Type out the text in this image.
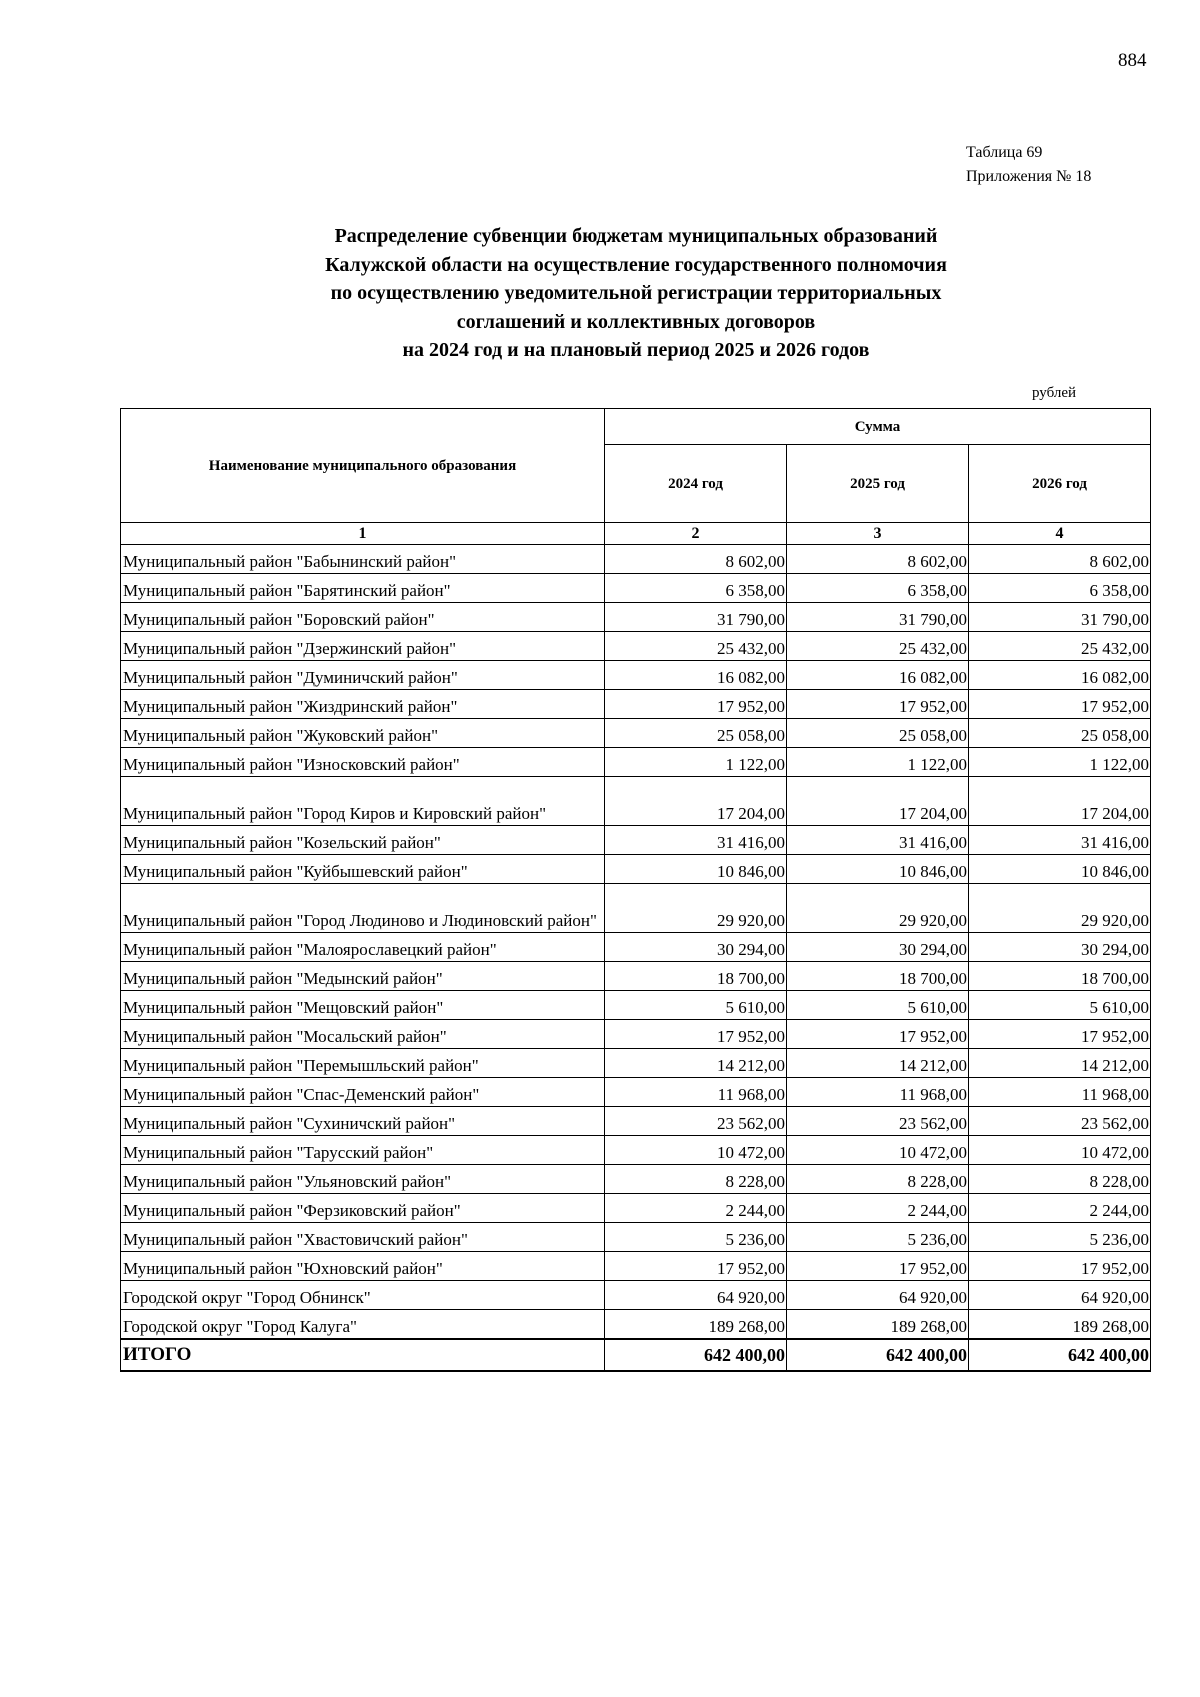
884
Таблица 69
Приложения № 18
Распределение субвенции бюджетам муниципальных образований
Калужской области на осуществление государственного полномочия
по осуществлению уведомительной регистрации территориальных
соглашений и коллективных договоров
на 2024 год и на плановый период 2025 и 2026 годов
рублей
Наименование муниципального образования	Сумма		
	2024 год	2025 год	2026 год
1	2	3	4
Муниципальный район "Бабынинский район"	8 602,00	8 602,00	8 602,00
Муниципальный район "Барятинский район"	6 358,00	6 358,00	6 358,00
Муниципальный район "Боровский район"	31 790,00	31 790,00	31 790,00
Муниципальный район "Дзержинский район"	25 432,00	25 432,00	25 432,00
Муниципальный район "Думиничский район"	16 082,00	16 082,00	16 082,00
Муниципальный район "Жиздринский район"	17 952,00	17 952,00	17 952,00
Муниципальный район "Жуковский район"	25 058,00	25 058,00	25 058,00
Муниципальный район "Износковский район"	1 122,00	1 122,00	1 122,00
Муниципальный район "Город Киров и Кировский район"	17 204,00	17 204,00	17 204,00
Муниципальный район "Козельский район"	31 416,00	31 416,00	31 416,00
Муниципальный район "Куйбышевский район"	10 846,00	10 846,00	10 846,00
Муниципальный район "Город Людиново и Людиновский район"	29 920,00	29 920,00	29 920,00
Муниципальный район "Малоярославецкий район"	30 294,00	30 294,00	30 294,00
Муниципальный район "Медынский район"	18 700,00	18 700,00	18 700,00
Муниципальный район "Мещовский район"	5 610,00	5 610,00	5 610,00
Муниципальный район "Мосальский район"	17 952,00	17 952,00	17 952,00
Муниципальный район "Перемышльский район"	14 212,00	14 212,00	14 212,00
Муниципальный район "Спас-Деменский район"	11 968,00	11 968,00	11 968,00
Муниципальный район "Сухиничский район"	23 562,00	23 562,00	23 562,00
Муниципальный район "Тарусский район"	10 472,00	10 472,00	10 472,00
Муниципальный район "Ульяновский район"	8 228,00	8 228,00	8 228,00
Муниципальный район "Ферзиковский район"	2 244,00	2 244,00	2 244,00
Муниципальный район "Хвастовичский район"	5 236,00	5 236,00	5 236,00
Муниципальный район "Юхновский район"	17 952,00	17 952,00	17 952,00
Городской округ "Город Обнинск"	64 920,00	64 920,00	64 920,00
Городской округ "Город Калуга"	189 268,00	189 268,00	189 268,00
ИТОГО	642 400,00	642 400,00	642 400,00
